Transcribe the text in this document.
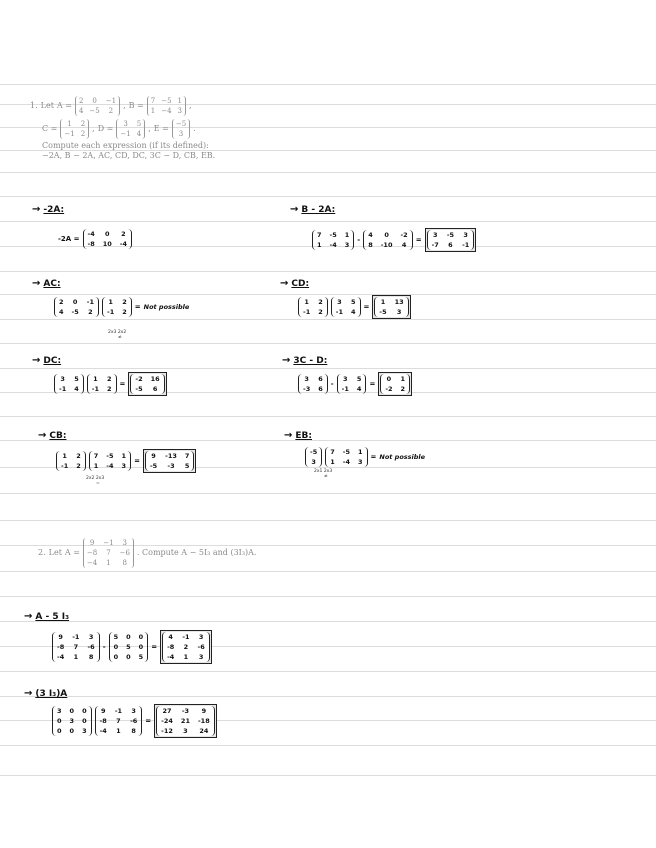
1. Let A = 2	0	−1
4 −5	2
, B = 7 −5 1
1 −4 3
,
C =	1	2
−1 2
, D =	3	5
−1 4
, E = −5
3
.
Compute each expression (if its defined):
−2A, B − 2A, AC, CD, DC, 3C − D, CB, EB.
→ -2A:
-2A =
-4	0	2
-8 10 -4
→ B - 2A:
7 -5 1
1 -4 3
-
4	0	-2
8 -10 4
=
3 -5 3
-7 6 -1
→ AC:
2 0 -1
4 -5 2
1 2
-1 2
= Not possible
2x3 2x2
≠
→ CD:
1 2
-1 2
3 5
-1 4
=
1 13
-5	3
→ DC:
3 5
-1 4
1 2
-1 2
=
-2 16
-5	6
→ 3C - D:
3 6
-3 6
-
3 5
-1 4
=
0 1
-2 2
→ CB:
1 2
-1 2
7 -5 1
1 -4 3
=
9 -13 7
-5	-3	5
2x2 2x3
=
→ EB:
-5
3
7 -5 1
1 -4 3
= Not possible
2x1 2x3
≠
2. Let A =
9	−1	3
−8	7	−6
−4	1	8
. Compute A − 5I₃ and (3I₃)A.
→ A - 5 I₃
9 -1 3
-8 7 -6
-4 1 8
-
5 0 0
0 5 0
0 0 5
=
4 -1 3
-8 2 -6
-4 1 3
→ (3 I₃)A
3 0 0
0 3 0
0 0 3
9 -1 3
-8 7 -6
-4 1 8
=
27 -3	9
-24 21 -18
-12	3	24
